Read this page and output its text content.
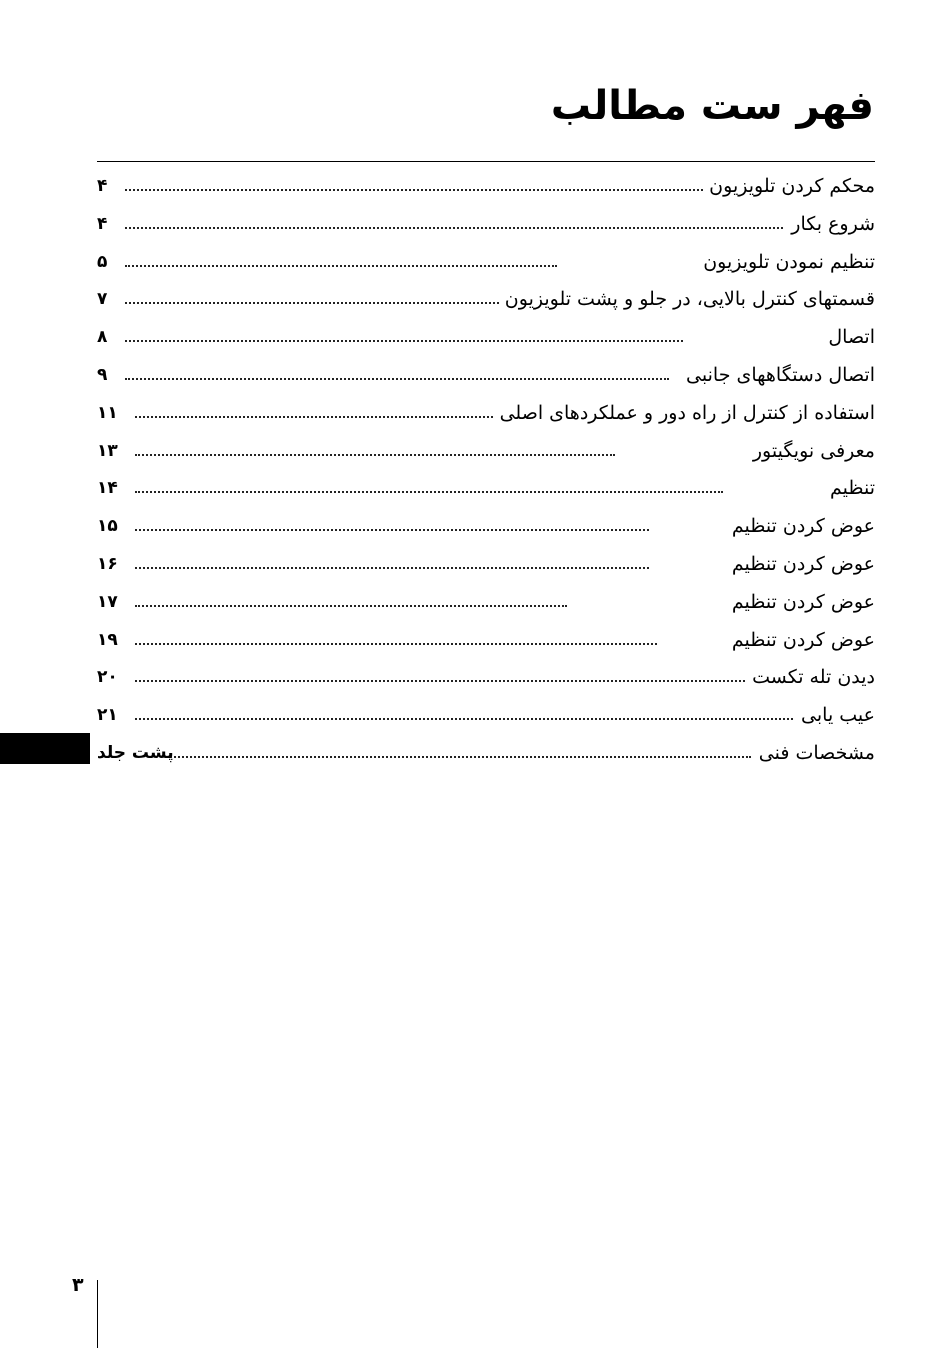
فهر ست مطالب
محکم کردن تلویزیون
۴
شروع بکار
۴
تنظیم نمودن تلویزیون
۵
قسمتهای کنترل بالایی، در جلو و پشت تلویزیون
۷
اتصال
۸
اتصال دستگاههای جانبی
۹
استفاده از کنترل از راه دور و عملکردهای اصلی
۱۱
معرفی نویگیتور
۱۳
تنظیم
۱۴
عوض کردن تنظیم
۱۵
عوض کردن تنظیم
۱۶
عوض کردن تنظیم
۱۷
عوض کردن تنظیم
۱۹
دیدن تله تکست
۲۰
عیب یابی
۲۱
مشخصات فنی
پشت جلد
۳
